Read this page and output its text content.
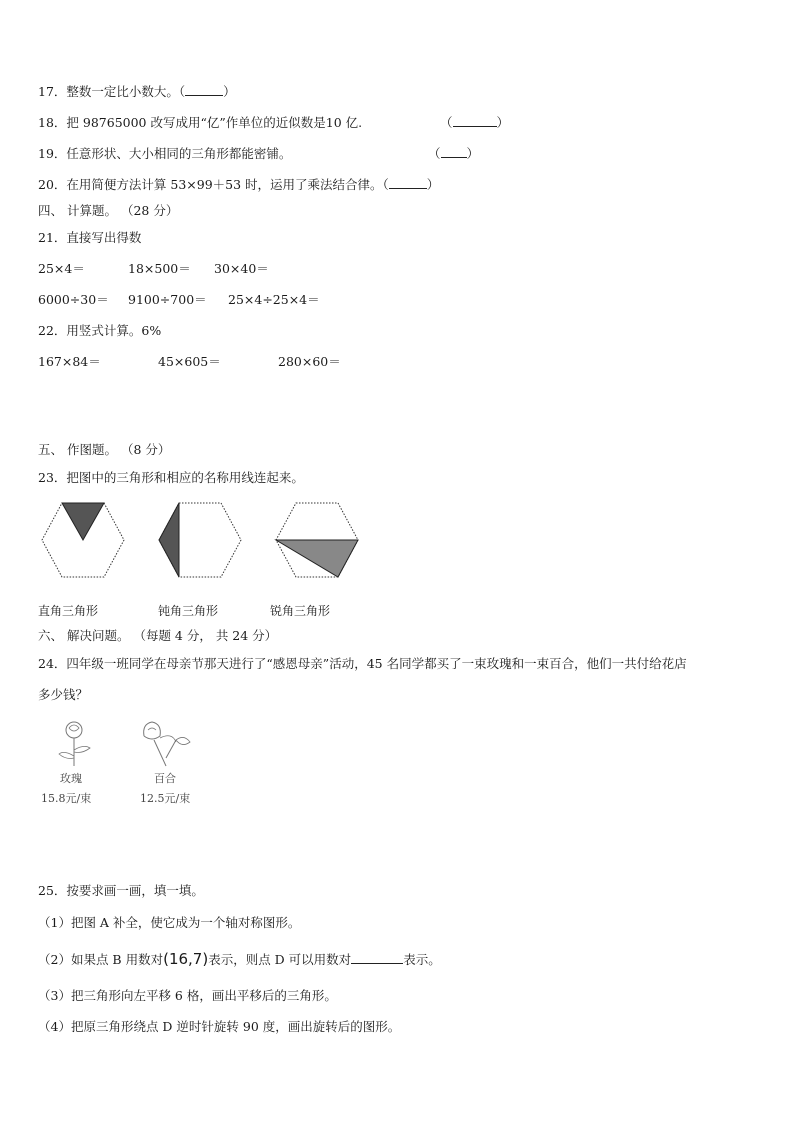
17．整数一定比小数大。（	）
18．把 98765000 改写成用“亿”作单位的近似数是10 亿.	（	）
19．任意形状、大小相同的三角形都能密铺。	（ ）
20．在用简便方法计算 53×99＋53 时，运用了乘法结合律。（	）
四、 计算题。 （28 分）
21．直接写出得数
25×4＝	18×500＝ 30×40＝
6000÷30＝ 9100÷700＝ 25×4÷25×4＝
22．用竖式计算。6%
167×84＝	45×605＝	280×60＝
五、 作图题。 （8 分）
23．把图中的三角形和相应的名称用线连起来。
直角三角形	钝角三角形	锐角三角形
六、 解决问题。 （每题 4 分， 共 24 分）
24．四年级一班同学在母亲节那天进行了“感恩母亲”活动，45 名同学都买了一束玫瑰和一束百合，他们一共付给花店
多少钱？
玫瑰
15.8元/束
百合
12.5元/束
25．按要求画一画，填一填。
（1）把图 A 补全，使它成为一个轴对称图形。
（2）如果点 B 用数对(16,7)表示，则点 D 可以用数对	表示。
（3）把三角形向左平移 6 格，画出平移后的三角形。
（4）把原三角形绕点 D 逆时针旋转 90 度，画出旋转后的图形。
